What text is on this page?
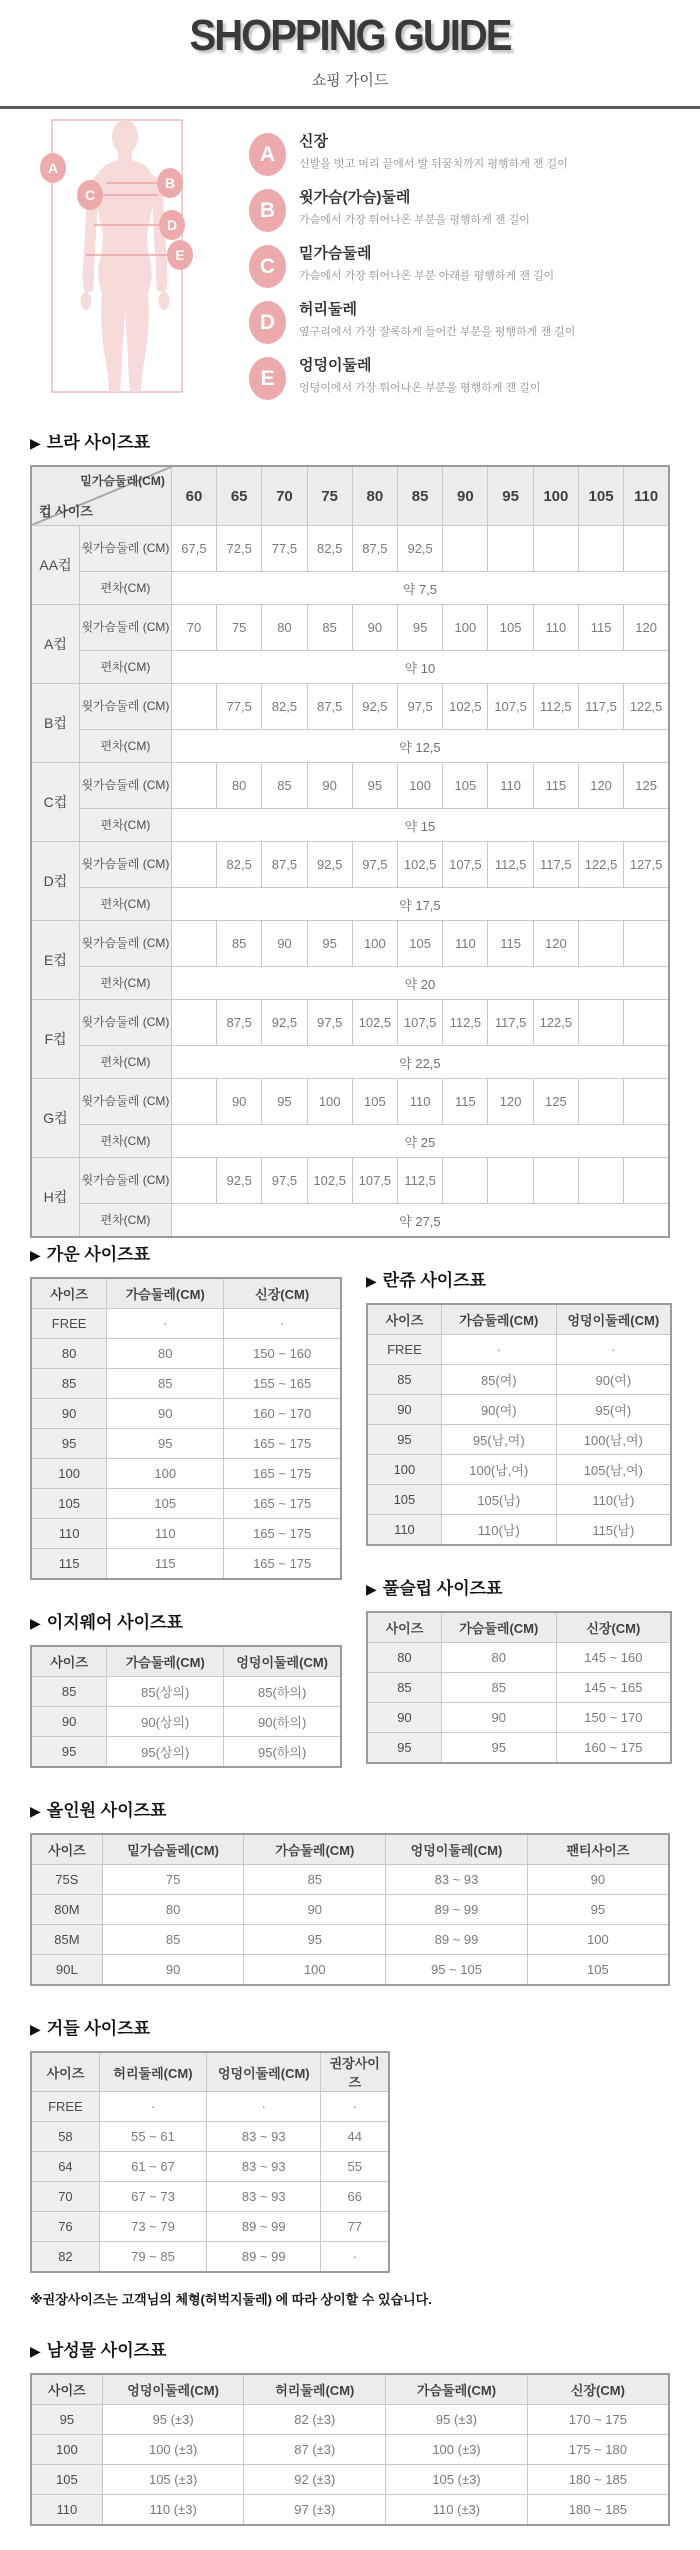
SHOPPING GUIDE
쇼핑 가이드
A
B
C
D
E
A
신장
신발을 벗고 머리 끝에서 발 뒤꿈치까지 평행하게 잰 길이
B
윗가슴(가슴)둘레
가슴에서 가장 튀어나온 부분을 평행하게 잰 길이
C
밑가슴둘레
가슴에서 가장 튀어나온 부분 아래를 평행하게 잰 길이
D
허리둘레
옆구리에서 가장 잘록하게 들어간 부분을 평행하게 잰 길이
E
엉덩이둘레
엉덩이에서 가장 튀어나온 부분을 평행하게 잰 길이
▶ 브라 사이즈표
밑가슴둘레(CM)
컵 사이즈		60	65	70	75	80	85	90	95	100	105	110
AA컵	윗가슴둘레 (CM)	67,5	72,5	77,5	82,5	87,5	92,5					
	편차(CM)	약 7,5										
A컵	윗가슴둘레 (CM)	70	75	80	85	90	95	100	105	110	115	120
	편차(CM)	약 10										
B컵	윗가슴둘레 (CM)		77,5	82,5	87,5	92,5	97,5	102,5	107,5	112,5	117,5	122,5
	편차(CM)	약 12,5										
C컵	윗가슴둘레 (CM)		80	85	90	95	100	105	110	115	120	125
	편차(CM)	약 15										
D컵	윗가슴둘레 (CM)		82,5	87,5	92,5	97,5	102,5	107,5	112,5	117,5	122,5	127,5
	편차(CM)	약 17,5										
E컵	윗가슴둘레 (CM)		85	90	95	100	105	110	115	120		
	편차(CM)	약 20										
F컵	윗가슴둘레 (CM)		87,5	92,5	97,5	102,5	107,5	112,5	117,5	122,5		
	편차(CM)	약 22,5										
G컵	윗가슴둘레 (CM)		90	95	100	105	110	115	120	125		
	편차(CM)	약 25										
H컵	윗가슴둘레 (CM)		92,5	97,5	102,5	107,5	112,5					
	편차(CM)	약 27,5										
▶ 가운 사이즈표
사이즈	가슴둘레(CM)	신장(CM)
FREE	·	·
80	80	150 ~ 160
85	85	155 ~ 165
90	90	160 ~ 170
95	95	165 ~ 175
100	100	165 ~ 175
105	105	165 ~ 175
110	110	165 ~ 175
115	115	165 ~ 175
▶ 이지웨어 사이즈표
사이즈	가슴둘레(CM)	엉덩이둘레(CM)
85	85(상의)	85(하의)
90	90(상의)	90(하의)
95	95(상의)	95(하의)
▶ 란쥬 사이즈표
사이즈	가슴둘레(CM)	엉덩이둘레(CM)
FREE	·	·
85	85(여)	90(여)
90	90(여)	95(여)
95	95(남,여)	100(남,여)
100	100(남,여)	105(남,여)
105	105(남)	110(남)
110	110(남)	115(남)
▶ 풀슬립 사이즈표
사이즈	가슴둘레(CM)	신장(CM)
80	80	145 ~ 160
85	85	145 ~ 165
90	90	150 ~ 170
95	95	160 ~ 175
▶ 올인원 사이즈표
사이즈	밑가슴둘레(CM)	가슴둘레(CM)	엉덩이둘레(CM)	팬티사이즈
75S	75	85	83 ~ 93	90
80M	80	90	89 ~ 99	95
85M	85	95	89 ~ 99	100
90L	90	100	95 ~ 105	105
▶ 거들 사이즈표
사이즈	허리둘레(CM)	엉덩이둘레(CM)	권장사이즈
FREE	·	·	·
58	55 ~ 61	83 ~ 93	44
64	61 ~ 67	83 ~ 93	55
70	67 ~ 73	83 ~ 93	66
76	73 ~ 79	89 ~ 99	77
82	79 ~ 85	89 ~ 99	·

※권장사이즈는 고객님의 체형(허벅지둘레) 에 따라 상이할 수 있습니다.

▶ 남성물 사이즈표
사이즈	엉덩이둘레(CM)	허리둘레(CM)	가슴둘레(CM)	신장(CM)
95	95 (±3)	82 (±3)	95 (±3)	170 ~ 175
100	100 (±3)	87 (±3)	100 (±3)	175 ~ 180
105	105 (±3)	92 (±3)	105 (±3)	180 ~ 185
110	110 (±3)	97 (±3)	110 (±3)	180 ~ 185
